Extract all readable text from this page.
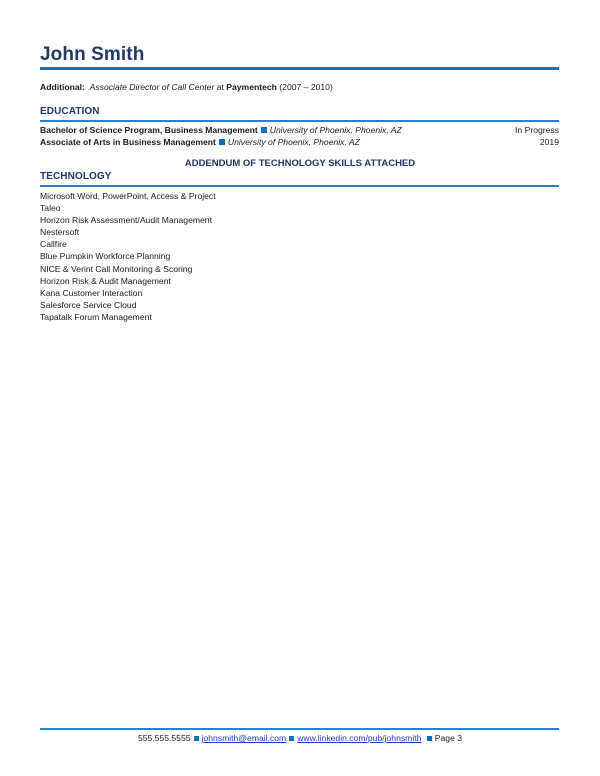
John Smith
Additional: Associate Director of Call Center at Paymentech (2007 – 2010)
EDUCATION
Bachelor of Science Program, Business Management University of Phoenix, Phoenix, AZ	In Progress
Associate of Arts in Business Management University of Phoenix, Phoenix, AZ	2019
ADDENDUM OF TECHNOLOGY SKILLS ATTACHED
TECHNOLOGY
Microsoft Word, PowerPoint, Access & Project
Taleo
Horizon Risk Assessment/Audit Management
Nestersoft
Callfire
Blue Pumpkin Workforce Planning
NICE & Verint Call Monitoring & Scoring
Horizon Risk & Audit Management
Kana Customer Interaction
Salesforce Service Cloud
Tapatalk Forum Management
555.555.5555 johnsmith@email.com www.linkedin.com/pub/johnsmith Page 3
